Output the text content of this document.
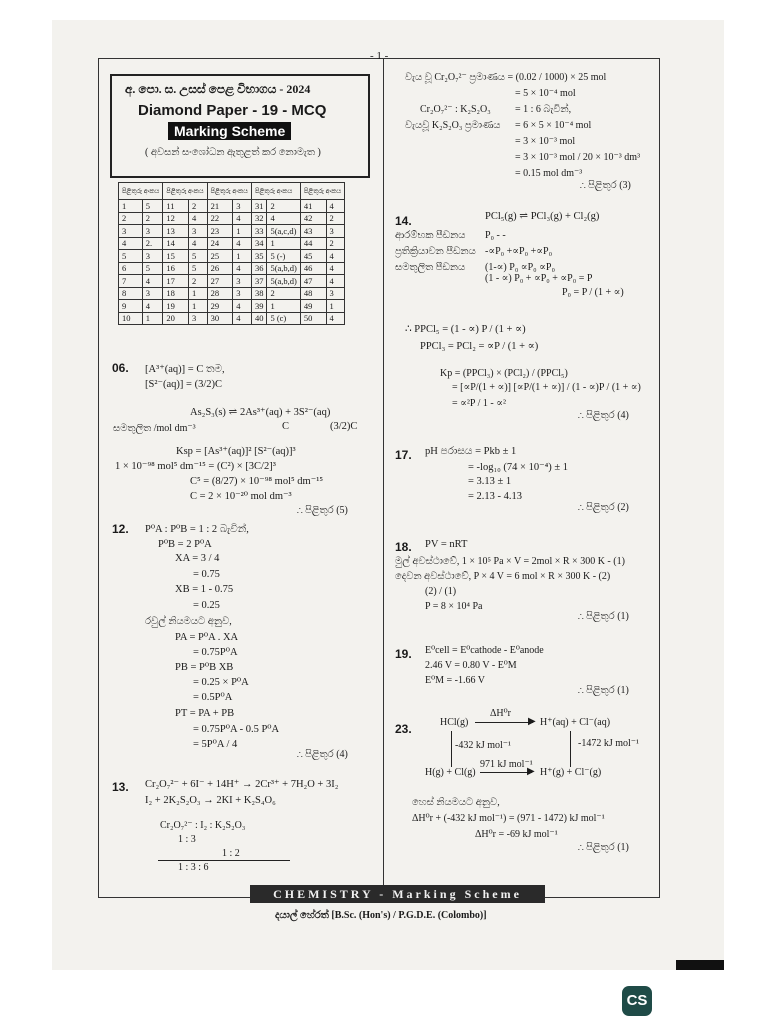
- 1 -
අ. පො. ස. උසස් පෙළ විභාගය - 2024
Diamond Paper - 19 - MCQ
Marking Scheme
( අවසන් සංශෝධන ඇතුළත් කර නොමැත )
පිළිතුරු අංකය		පිළිතුරු අංකය		පිළිතුරු අංකය		පිළිතුරු අංකය		පිළිතුරු අංකය	
1	5	11	2	21	3	31	2	41	4
2	2	12	4	22	4	32	4	42	2
3	3	13	3	23	1	33	5(a,c,d)	43	3
4	2.	14	4	24	4	34	1	44	2
5	3	15	5	25	1	35	5 (-)	45	4
6	5	16	5	26	4	36	5(a,b,d)	46	4
7	4	17	2	27	3	37	5(a,b,d)	47	4
8	3	18	1	28	3	38	2	48	3
9	4	19	1	29	4	39	1	49	1
10	1	20	3	30	4	40	5 (c)	50	4
06. [A³⁺(aq)] = C තම,
[S²⁻(aq)] = (3/2)C
As₂S₃(s) ⇌ 2As³⁺(aq) + 3S²⁻(aq)
සමතුලිත /mol dm⁻³	C	(3/2)C
Ksp = [As³⁺(aq)]² [S²⁻(aq)]³
1 × 10⁻⁹⁸ mol⁵ dm⁻¹⁵ = (C²) × [3C/2]³
C⁵ = (8/27) × 10⁻⁹⁸ mol⁵ dm⁻¹⁵
C = 2 × 10⁻²⁰ mol dm⁻³
∴ පිළිතුර (5)
12. P⁰A : P⁰B = 1 : 2 බැවින්,
P⁰B = 2 P⁰A
XA = 3 / 4
= 0.75
XB = 1 - 0.75
= 0.25
රවුල් නියමයට අනුව,
PA = P⁰A . XA
= 0.75P⁰A
PB = P⁰B XB
= 0.25 × P⁰A
= 0.5P⁰A
PT = PA + PB
= 0.75P⁰A - 0.5 P⁰A
= 5P⁰A / 4
∴ පිළිතුර (4)
13. Cr₂O₇²⁻ + 6I⁻ + 14H⁺ → 2Cr³⁺ + 7H₂O + 3I₂
I₂ + 2K₂S₂O₃ → 2KI + K₂S₄O₆
Cr₂O₇²⁻ : I₂ : K₂S₂O₃
1 : 3
1 : 2
1 : 3 : 6
වැය වූ Cr₂O₇²⁻ ප්‍රමාණය = (0.02 / 1000) × 25 mol
= 5 × 10⁻⁴ mol
Cr₂O₇²⁻ : K₂S₂O₃ = 1 : 6 බැවින්,
වැයවූ K₂S₂O₃ ප්‍රමාණය = 6 × 5 × 10⁻⁴ mol
= 3 × 10⁻³ mol
= 3 × 10⁻³ mol / 20 × 10⁻³ dm³
= 0.15 mol dm⁻³
∴ පිළිතුර (3)
14.	PCl₅(g) ⇌ PCl₃(g) + Cl₂(g)
ආරම්භක පීඩනය P₀ - -
ප්‍රතික්‍රියාවන පීඩනය -∝P₀ +∝P₀ +∝P₀
සමතුලිත පීඩනය (1-∝) P₀ ∝P₀ ∝P₀
(1 - ∝) P₀ + ∝P₀ + ∝P₀ = P
P₀ = P / (1 + ∝)
∴ PPCl₅ = (1 - ∝) P / (1 + ∝)
PPCl₃ = PCl₂ = ∝P / (1 + ∝)
Kp = (PPCl₃) × (PCl₂) / (PPCl₅)
= [∝P/(1 + ∝)] [∝P/(1 + ∝)] / (1 - ∝)P / (1 + ∝)
= ∝²P / 1 - ∝²
∴ පිළිතුර (4)
17. pH පරාසය = Pkb ± 1
= -log₁₀ (74 × 10⁻⁴) ± 1
= 3.13 ± 1
= 2.13 - 4.13
∴ පිළිතුර (2)
18. PV = nRT
මුල් අවස්ථාවේ, 1 × 10⁵ Pa × V = 2mol × R × 300 K - (1)
දෙවන අවස්ථාවේ, P × 4 V = 6 mol × R × 300 K - (2)
(2) / (1)
P = 8 × 10⁴ Pa
∴ පිළිතුර (1)
19. E⁰cell = E⁰cathode - E⁰anode
2.46 V = 0.80 V - E⁰M
E⁰M = -1.66 V
∴ පිළිතුර (1)
23.
ΔH⁰r
▶
HCl(g)	H⁺(aq) + Cl⁻(aq)
-432 kJ mol⁻¹	-1472 kJ mol⁻¹
H(g) + Cl(g)
971 kJ mol⁻¹
▶ H⁺(g) + Cl⁻(g)
හෙස් නියමයට අනුව,
ΔH⁰r + (-432 kJ mol⁻¹) = (971 - 1472) kJ mol⁻¹
ΔH⁰r = -69 kJ mol⁻¹
∴ පිළිතුර (1)
CHEMISTRY - Marking Scheme
දයාල් හේරත් [B.Sc. (Hon's) / P.G.D.E. (Colombo)]
CS
